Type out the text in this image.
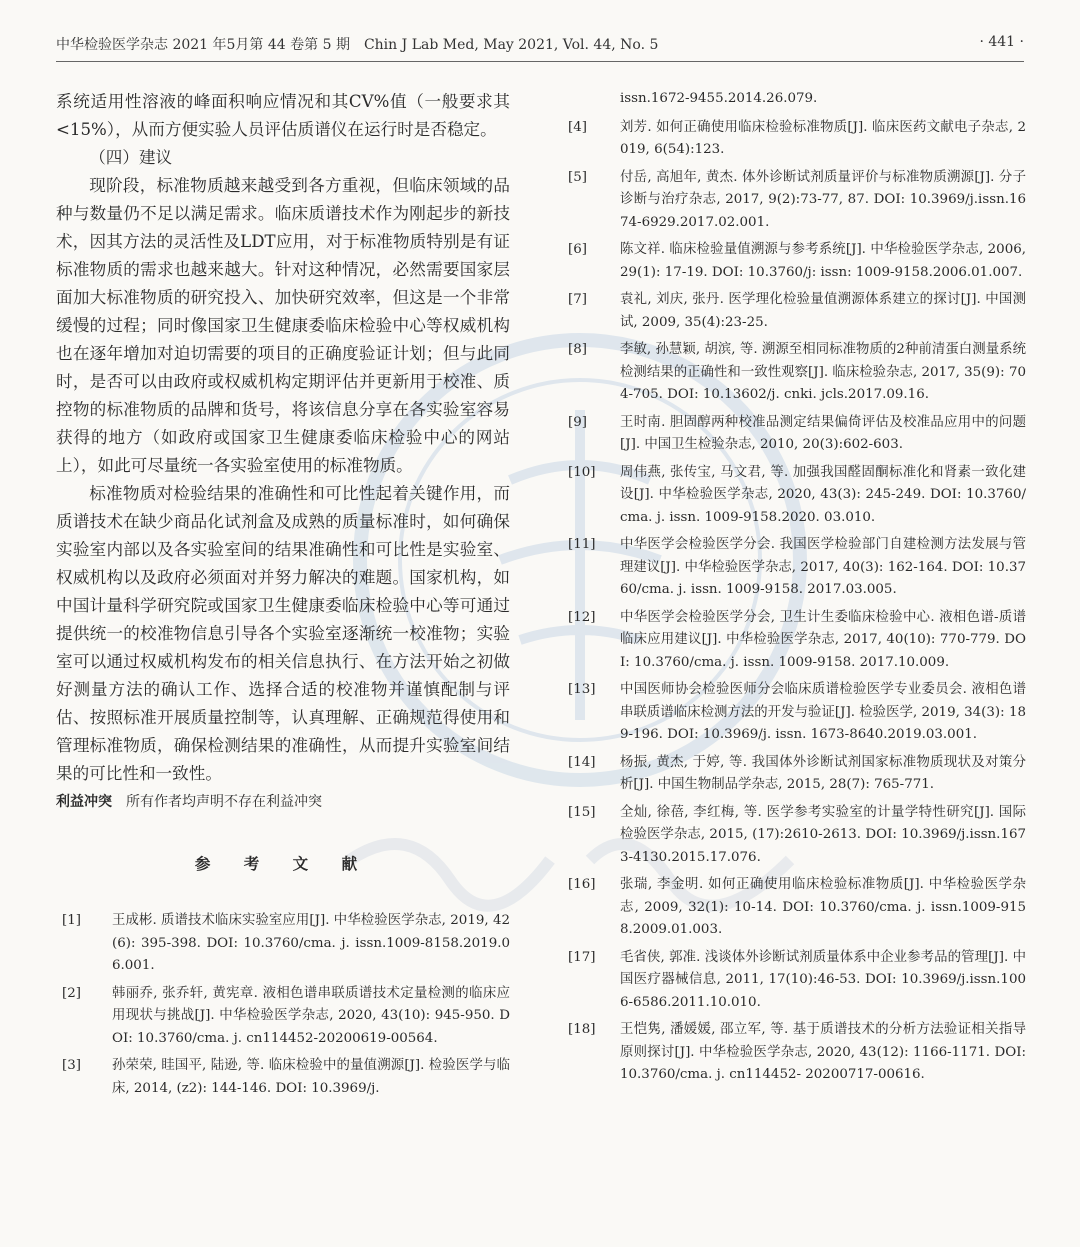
中华检验医学杂志 2021 年5月第 44 卷第 5 期　Chin J Lab Med, May 2021, Vol. 44, No. 5	· 441 ·

系统适用性溶液的峰面积响应情况和其CV%值（一般要求其<15%），从而方便实验人员评估质谱仪在运行时是否稳定。

（四）建议

现阶段，标准物质越来越受到各方重视，但临床领域的品种与数量仍不足以满足需求。临床质谱技术作为刚起步的新技术，因其方法的灵活性及LDT应用，对于标准物质特别是有证标准物质的需求也越来越大。针对这种情况，必然需要国家层面加大标准物质的研究投入、加快研究效率，但这是一个非常缓慢的过程；同时像国家卫生健康委临床检验中心等权威机构也在逐年增加对迫切需要的项目的正确度验证计划；但与此同时，是否可以由政府或权威机构定期评估并更新用于校准、质控物的标准物质的品牌和货号，将该信息分享在各实验室容易获得的地方（如政府或国家卫生健康委临床检验中心的网站上），如此可尽量统一各实验室使用的标准物质。

标准物质对检验结果的准确性和可比性起着关键作用，而质谱技术在缺少商品化试剂盒及成熟的质量标准时，如何确保实验室内部以及各实验室间的结果准确性和可比性是实验室、权威机构以及政府必须面对并努力解决的难题。国家机构，如中国计量科学研究院或国家卫生健康委临床检验中心等可通过提供统一的校准物信息引导各个实验室逐渐统一校准物；实验室可以通过权威机构发布的相关信息执行、在方法开始之初做好测量方法的确认工作、选择合适的校准物并谨慎配制与评估、按照标准开展质量控制等，认真理解、正确规范得使用和管理标准物质，确保检测结果的准确性，从而提升实验室间结果的可比性和一致性。

利益冲突 所有作者均声明不存在利益冲突
参 考 文 献
[1]	王成彬. 质谱技术临床实验室应用[J]. 中华检验医学杂志, 2019, 42(6): 395-398. DOI: 10.3760/cma. j. issn.1009-8158.2019.06.001.
[2]	韩丽乔, 张乔轩, 黄宪章. 液相色谱串联质谱技术定量检测的临床应用现状与挑战[J]. 中华检验医学杂志, 2020, 43(10): 945-950. DOI: 10.3760/cma. j. cn114452-20200619-00564.
[3]	孙荣荣, 眭国平, 陆逊, 等. 临床检验中的量值溯源[J]. 检验医学与临床, 2014, (z2): 144-146. DOI: 10.3969/j.
issn.1672-9455.2014.26.079.
[4]	刘芳. 如何正确使用临床检验标准物质[J]. 临床医药文献电子杂志, 2019, 6(54):123.
[5]	付岳, 高旭年, 黄杰. 体外诊断试剂质量评价与标准物质溯源[J]. 分子诊断与治疗杂志, 2017, 9(2):73-77, 87. DOI: 10.3969/j.issn.1674-6929.2017.02.001.
[6]	陈文祥. 临床检验量值溯源与参考系统[J]. 中华检验医学杂志, 2006, 29(1): 17-19. DOI: 10.3760/j: issn: 1009-9158.2006.01.007.
[7]	袁礼, 刘庆, 张丹. 医学理化检验量值溯源体系建立的探讨[J]. 中国测试, 2009, 35(4):23-25.
[8]	李敏, 孙慧颖, 胡滨, 等. 溯源至相同标准物质的2种前清蛋白测量系统检测结果的正确性和一致性观察[J]. 临床检验杂志, 2017, 35(9): 704-705. DOI: 10.13602/j. cnki. jcls.2017.09.16.
[9]	王时南. 胆固醇两种校准品测定结果偏倚评估及校准品应用中的问题[J]. 中国卫生检验杂志, 2010, 20(3):602-603.
[10]	周伟燕, 张传宝, 马文君, 等. 加强我国醛固酮标准化和肾素一致化建设[J]. 中华检验医学杂志, 2020, 43(3): 245-249. DOI: 10.3760/cma. j. issn. 1009-9158.2020. 03.010.
[11]	中华医学会检验医学分会. 我国医学检验部门自建检测方法发展与管理建议[J]. 中华检验医学杂志, 2017, 40(3): 162-164. DOI: 10.3760/cma. j. issn. 1009-9158. 2017.03.005.
[12]	中华医学会检验医学分会, 卫生计生委临床检验中心. 液相色谱-质谱临床应用建议[J]. 中华检验医学杂志, 2017, 40(10): 770-779. DOI: 10.3760/cma. j. issn. 1009-9158. 2017.10.009.
[13]	中国医师协会检验医师分会临床质谱检验医学专业委员会. 液相色谱串联质谱临床检测方法的开发与验证[J]. 检验医学, 2019, 34(3): 189-196. DOI: 10.3969/j. issn. 1673-8640.2019.03.001.
[14]	杨振, 黄杰, 于婷, 等. 我国体外诊断试剂国家标准物质现状及对策分析[J]. 中国生物制品学杂志, 2015, 28(7): 765-771.
[15]	全灿, 徐蓓, 李红梅, 等. 医学参考实验室的计量学特性研究[J]. 国际检验医学杂志, 2015, (17):2610-2613. DOI: 10.3969/j.issn.1673-4130.2015.17.076.
[16]	张瑞, 李金明. 如何正确使用临床检验标准物质[J]. 中华检验医学杂志, 2009, 32(1): 10-14. DOI: 10.3760/cma. j. issn.1009-9158.2009.01.003.
[17]	毛省侠, 郭准. 浅谈体外诊断试剂质量体系中企业参考品的管理[J]. 中国医疗器械信息, 2011, 17(10):46-53. DOI: 10.3969/j.issn.1006-6586.2011.10.010.
[18]	王恺隽, 潘媛媛, 邵立军, 等. 基于质谱技术的分析方法验证相关指导原则探讨[J]. 中华检验医学杂志, 2020, 43(12): 1166-1171. DOI: 10.3760/cma. j. cn114452- 20200717-00616.
